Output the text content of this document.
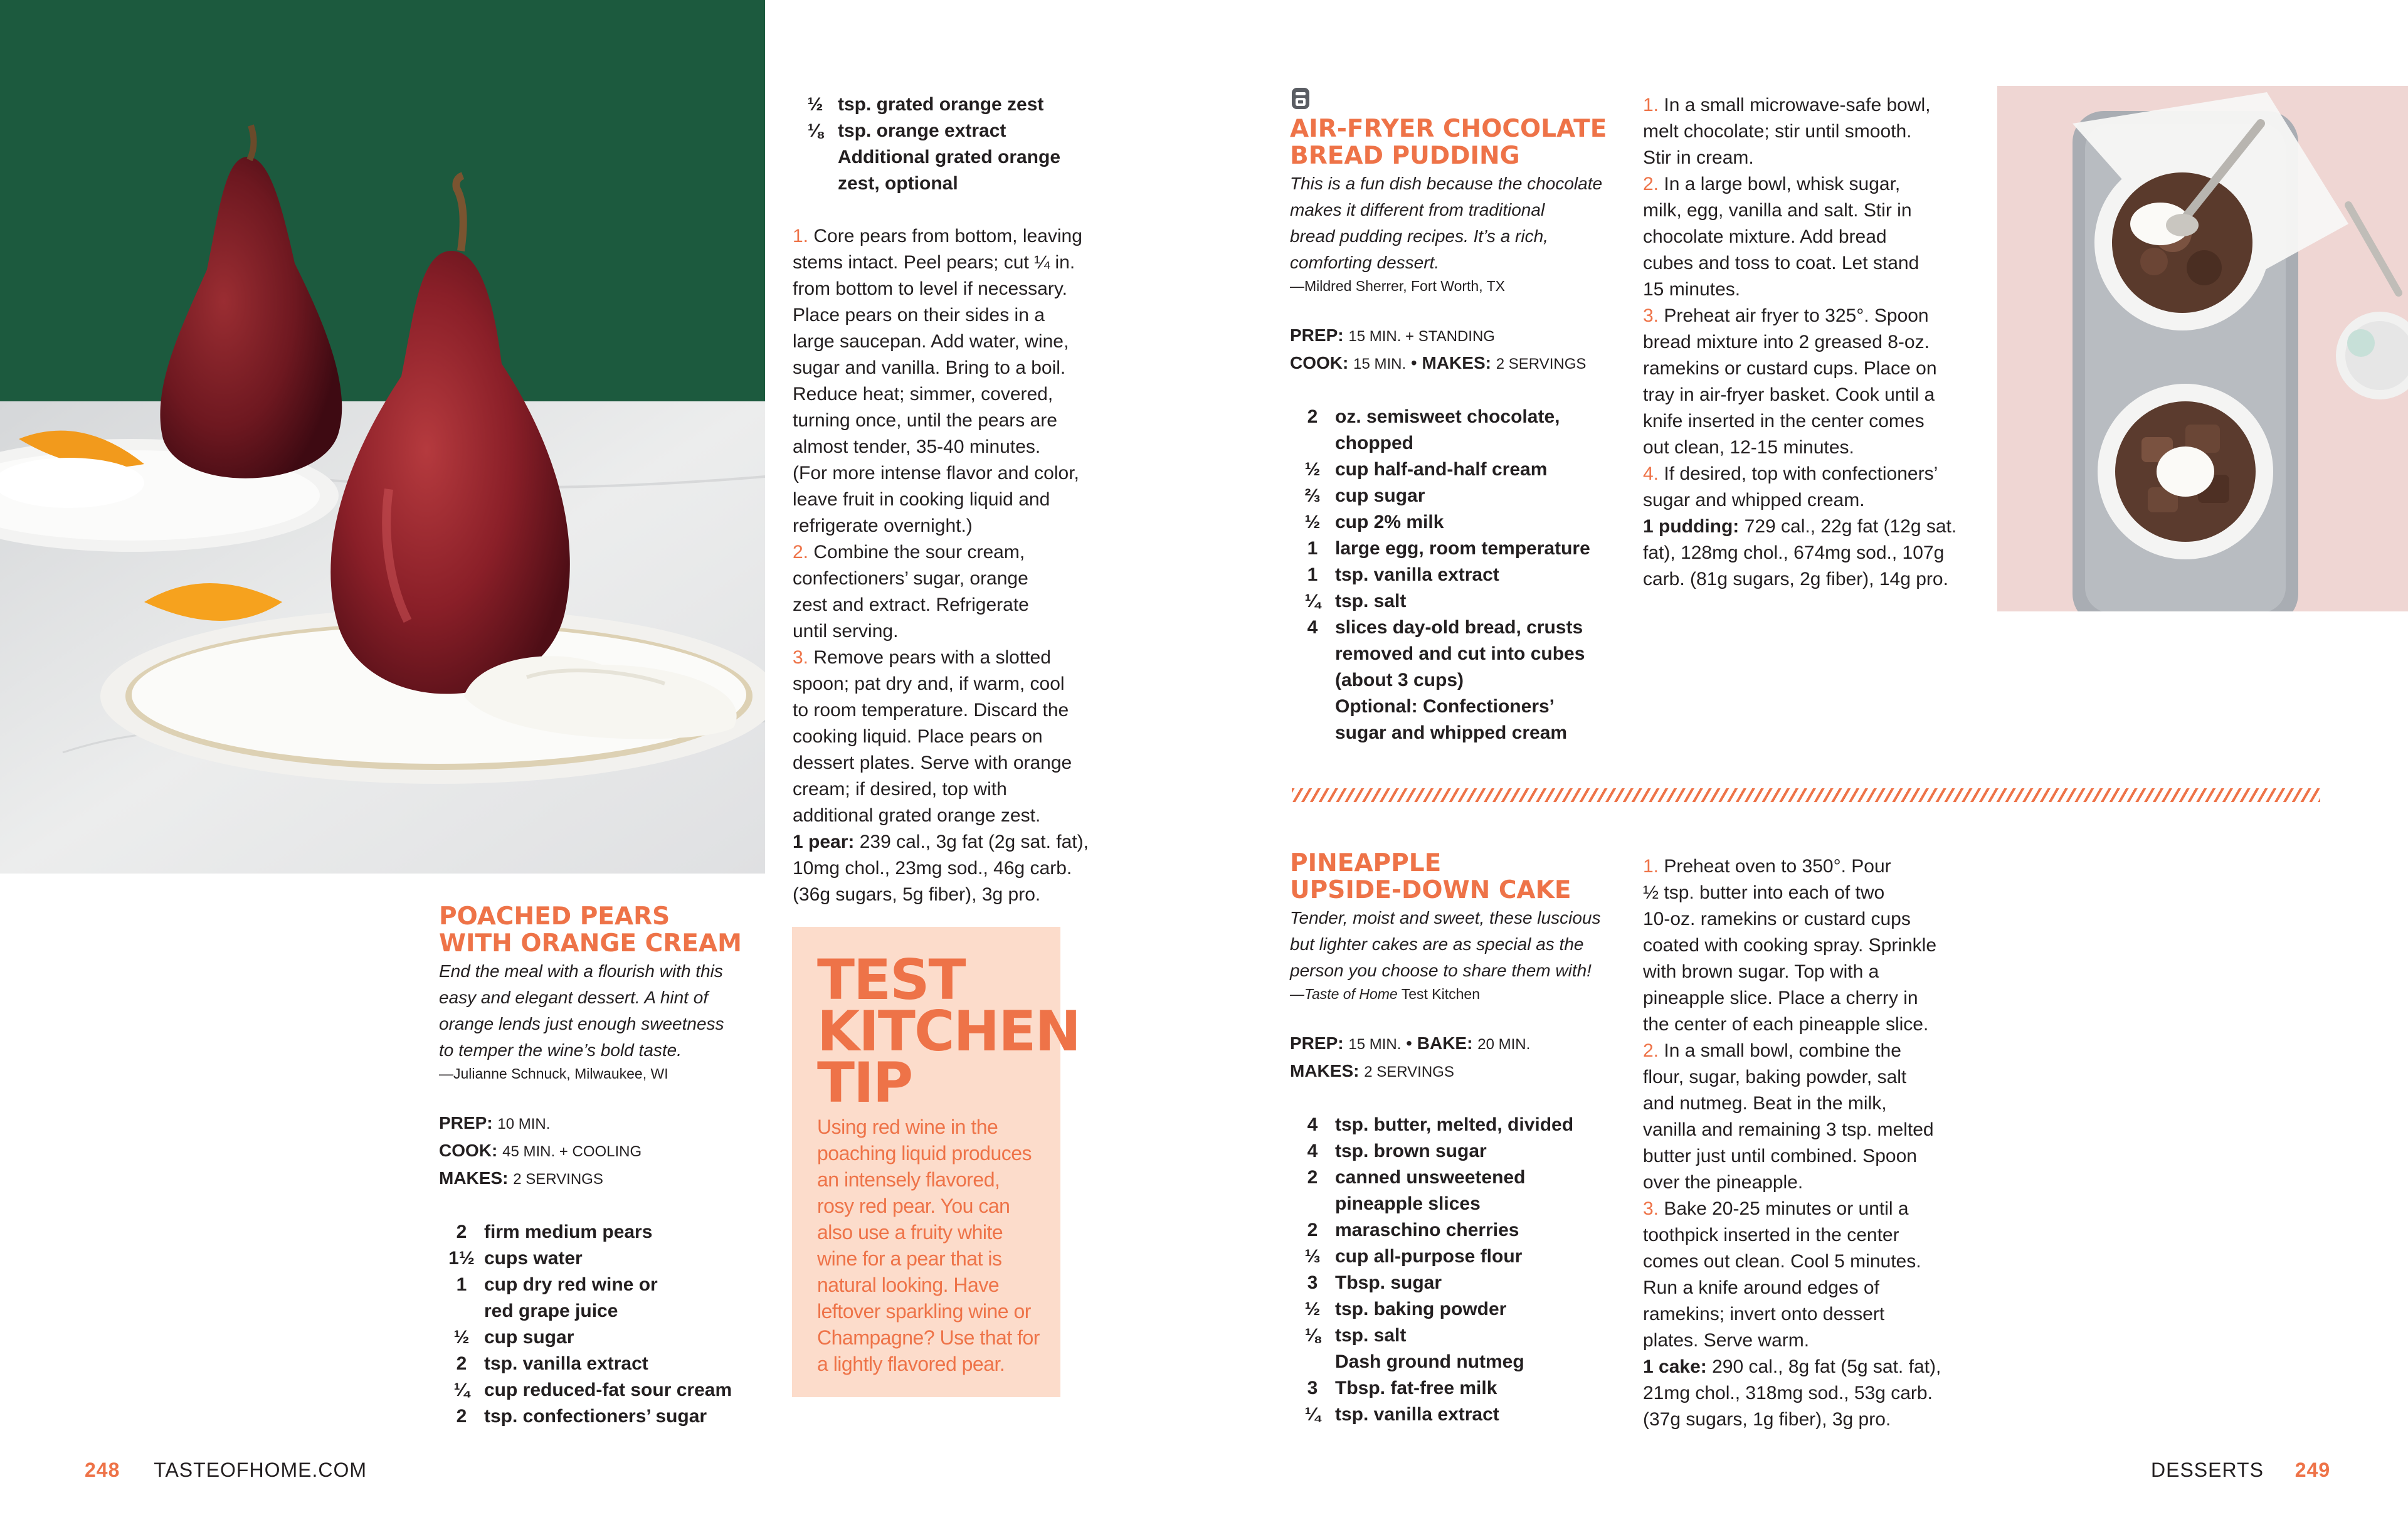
½ tsp. grated orange zest
⅛ tsp. orange extract
Additional grated orange
zest, optional

1. Core pears from bottom, leaving

stems intact. Peel pears; cut ¼ in.

from bottom to level if necessary.

Place pears on their sides in a

large saucepan. Add water, wine,

sugar and vanilla. Bring to a boil.

Reduce heat; simmer, covered,

turning once, until the pears are

almost tender, 35-40 minutes.

(For more intense flavor and color,

leave fruit in cooking liquid and

refrigerate overnight.)

2. Combine the sour cream,

confectioners’ sugar, orange

zest and extract. Refrigerate

until serving.

3. Remove pears with a slotted

spoon; pat dry and, if warm, cool

to room temperature. Discard the

cooking liquid. Place pears on

dessert plates. Serve with orange

cream; if desired, top with

additional grated orange zest.

1 pear: 239 cal., 3g fat (2g sat. fat),

10mg chol., 23mg sod., 46g carb.

(36g sugars, 5g fiber), 3g pro.

POACHED PEARS
WITH ORANGE CREAM
End the meal with a flourish with this
easy and elegant dessert. A hint of
orange lends just enough sweetness
to temper the wine’s bold taste.
—Julianne Schnuck, Milwaukee, WI
PREP: 10 MIN.
COOK: 45 MIN. + COOLING
MAKES: 2 SERVINGS
2 firm medium pears
1½ cups water
1 cup dry red wine or
red grape juice
½ cup sugar
2 tsp. vanilla extract
¼ cup reduced-fat sour cream
2 tsp. confectioners’ sugar
TEST
KITCHEN
TIP
Using red wine in the
poaching liquid produces
an intensely flavored,
rosy red pear. You can
also use a fruity white
wine for a pear that is
natural looking. Have
leftover sparkling wine or
Champagne? Use that for
a lightly flavored pear.
248 TASTEOFHOME.COM
AIR-FRYER CHOCOLATE
BREAD PUDDING
This is a fun dish because the chocolate
makes it different from traditional
bread pudding recipes. It’s a rich,
comforting dessert.
—Mildred Sherrer, Fort Worth, TX
PREP: 15 MIN. + STANDING
COOK: 15 MIN. • MAKES: 2 SERVINGS
2 oz. semisweet chocolate,
chopped
½ cup half-and-half cream
⅔ cup sugar
½ cup 2% milk
1 large egg, room temperature
1 tsp. vanilla extract
¼ tsp. salt
4 slices day-old bread, crusts
removed and cut into cubes
(about 3 cups)
Optional: Confectioners’
sugar and whipped cream

1. In a small microwave-safe bowl,

melt chocolate; stir until smooth.

Stir in cream.

2. In a large bowl, whisk sugar,

milk, egg, vanilla and salt. Stir in

chocolate mixture. Add bread

cubes and toss to coat. Let stand

15 minutes.

3. Preheat air fryer to 325°. Spoon

bread mixture into 2 greased 8-oz.

ramekins or custard cups. Place on

tray in air-fryer basket. Cook until a

knife inserted in the center comes

out clean, 12-15 minutes.

4. If desired, top with confectioners’

sugar and whipped cream.

1 pudding: 729 cal., 22g fat (12g sat.

fat), 128mg chol., 674mg sod., 107g

carb. (81g sugars, 2g fiber), 14g pro.

PINEAPPLE
UPSIDE-DOWN CAKE
Tender, moist and sweet, these luscious
but lighter cakes are as special as the
person you choose to share them with!
—Taste of Home Test Kitchen
PREP: 15 MIN. • BAKE: 20 MIN.
MAKES: 2 SERVINGS
4 tsp. butter, melted, divided
4 tsp. brown sugar
2 canned unsweetened
pineapple slices
2 maraschino cherries
⅓ cup all-purpose flour
3 Tbsp. sugar
½ tsp. baking powder
⅛ tsp. salt
Dash ground nutmeg
3 Tbsp. fat-free milk
¼ tsp. vanilla extract

1. Preheat oven to 350°. Pour

½ tsp. butter into each of two

10-oz. ramekins or custard cups

coated with cooking spray. Sprinkle

with brown sugar. Top with a

pineapple slice. Place a cherry in

the center of each pineapple slice.

2. In a small bowl, combine the

flour, sugar, baking powder, salt

and nutmeg. Beat in the milk,

vanilla and remaining 3 tsp. melted

butter just until combined. Spoon

over the pineapple.

3. Bake 20-25 minutes or until a

toothpick inserted in the center

comes out clean. Cool 5 minutes.

Run a knife around edges of

ramekins; invert onto dessert

plates. Serve warm.

1 cake: 290 cal., 8g fat (5g sat. fat),

21mg chol., 318mg sod., 53g carb.

(37g sugars, 1g fiber), 3g pro.

DESSERTS 249
